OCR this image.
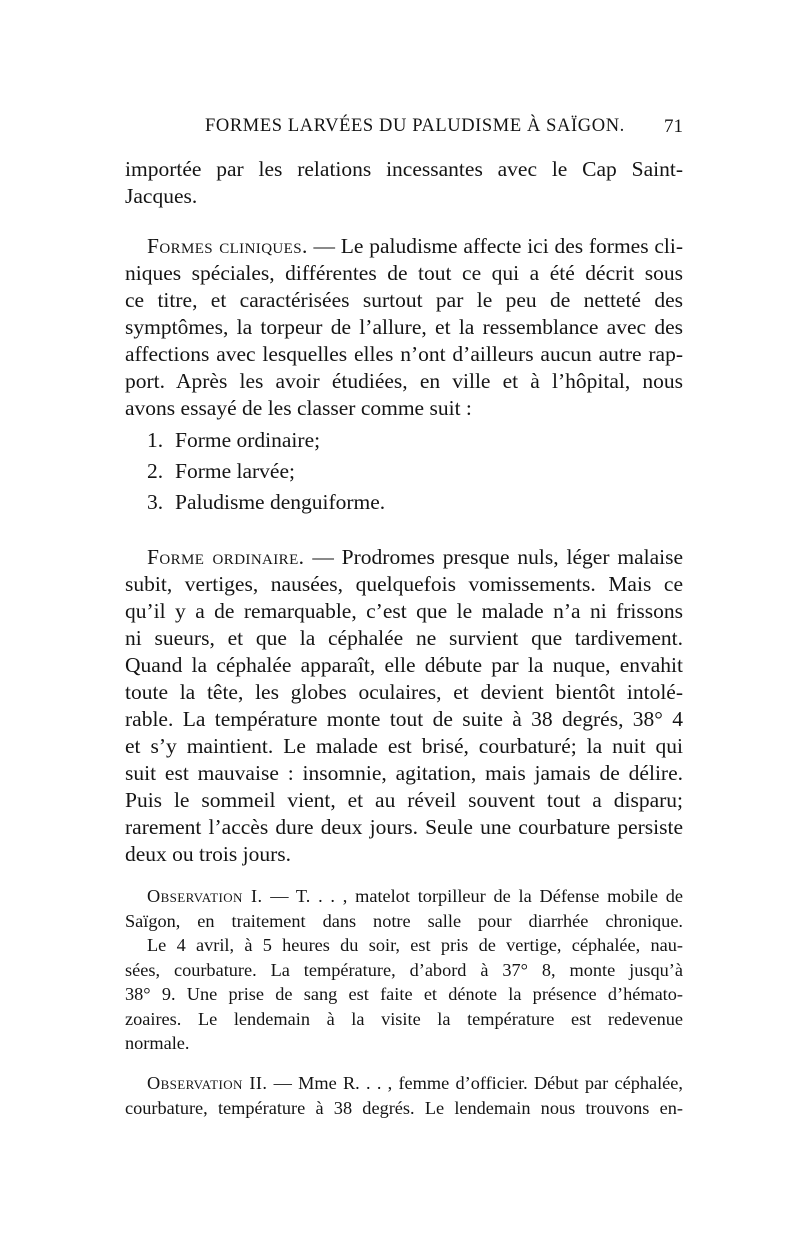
FORMES LARVÉES DU PALUDISME À SAÏGON. 71
importée par les relations incessantes avec le Cap Saint-
Jacques.
Formes cliniques. — Le paludisme affecte ici des formes cli-
niques spéciales, différentes de tout ce qui a été décrit sous
ce titre, et caractérisées surtout par le peu de netteté des
symptômes, la torpeur de l’allure, et la ressemblance avec des
affections avec lesquelles elles n’ont d’ailleurs aucun autre rap-
port. Après les avoir étudiées, en ville et à l’hôpital, nous
avons essayé de les classer comme suit :
1. Forme ordinaire;
2. Forme larvée;
3. Paludisme denguiforme.
Forme ordinaire. — Prodromes presque nuls, léger malaise
subit, vertiges, nausées, quelquefois vomissements. Mais ce
qu’il y a de remarquable, c’est que le malade n’a ni frissons
ni sueurs, et que la céphalée ne survient que tardivement.
Quand la céphalée apparaît, elle débute par la nuque, envahit
toute la tête, les globes oculaires, et devient bientôt intolé-
rable. La température monte tout de suite à 38 degrés, 38° 4
et s’y maintient. Le malade est brisé, courbaturé; la nuit qui
suit est mauvaise : insomnie, agitation, mais jamais de délire.
Puis le sommeil vient, et au réveil souvent tout a disparu;
rarement l’accès dure deux jours. Seule une courbature persiste
deux ou trois jours.
Observation I. — T. . . , matelot torpilleur de la Défense mobile de
Saïgon, en traitement dans notre salle pour diarrhée chronique.
Le 4 avril, à 5 heures du soir, est pris de vertige, céphalée, nau-
sées, courbature. La température, d’abord à 37° 8, monte jusqu’à
38° 9. Une prise de sang est faite et dénote la présence d’hémato-
zoaires. Le lendemain à la visite la température est redevenue
normale.
Observation II. — Mme R. . . , femme d’officier. Début par céphalée,
courbature, température à 38 degrés. Le lendemain nous trouvons en-
